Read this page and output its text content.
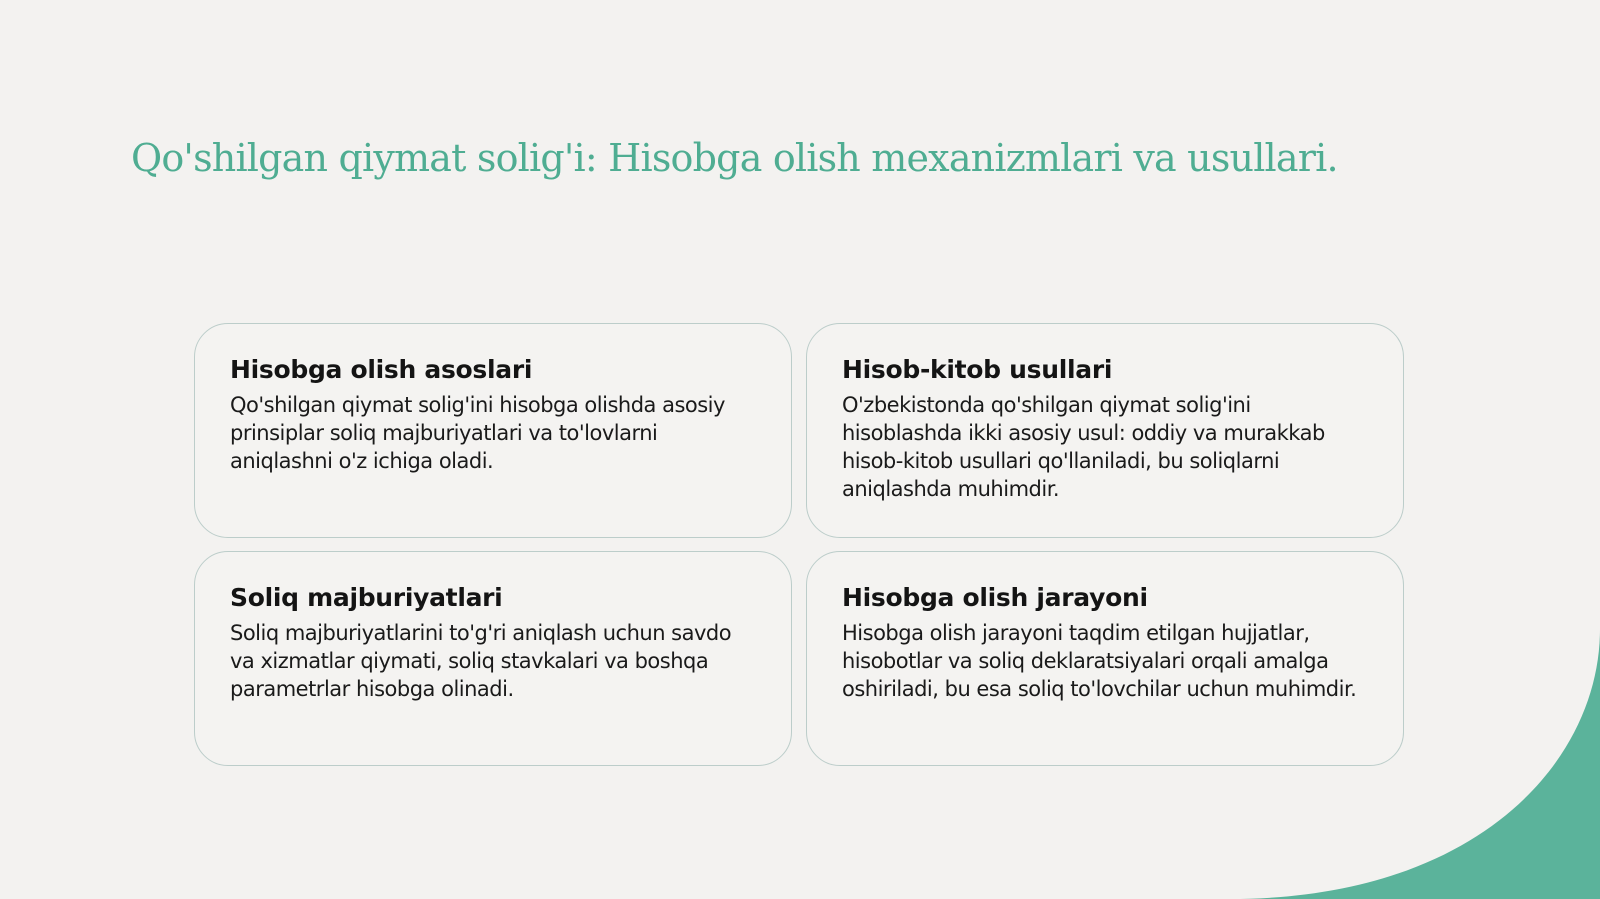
Qo'shilgan qiymat solig'i: Hisobga olish mexanizmlari va usullari.
Hisobga olish asoslari

Qo'shilgan qiymat solig'ini hisobga olishda asosiy prinsiplar soliq majburiyatlari va to'lovlarni aniqlashni o'z ichiga oladi.

Hisob-kitob usullari

O'zbekistonda qo'shilgan qiymat solig'ini hisoblashda ikki asosiy usul: oddiy va murakkab hisob-kitob usullari qo'llaniladi, bu soliqlarni aniqlashda muhimdir.

Soliq majburiyatlari

Soliq majburiyatlarini to'g'ri aniqlash uchun savdo va xizmatlar qiymati, soliq stavkalari va boshqa parametrlar hisobga olinadi.

Hisobga olish jarayoni

Hisobga olish jarayoni taqdim etilgan hujjatlar, hisobotlar va soliq deklaratsiyalari orqali amalga oshiriladi, bu esa soliq to'lovchilar uchun muhimdir.
